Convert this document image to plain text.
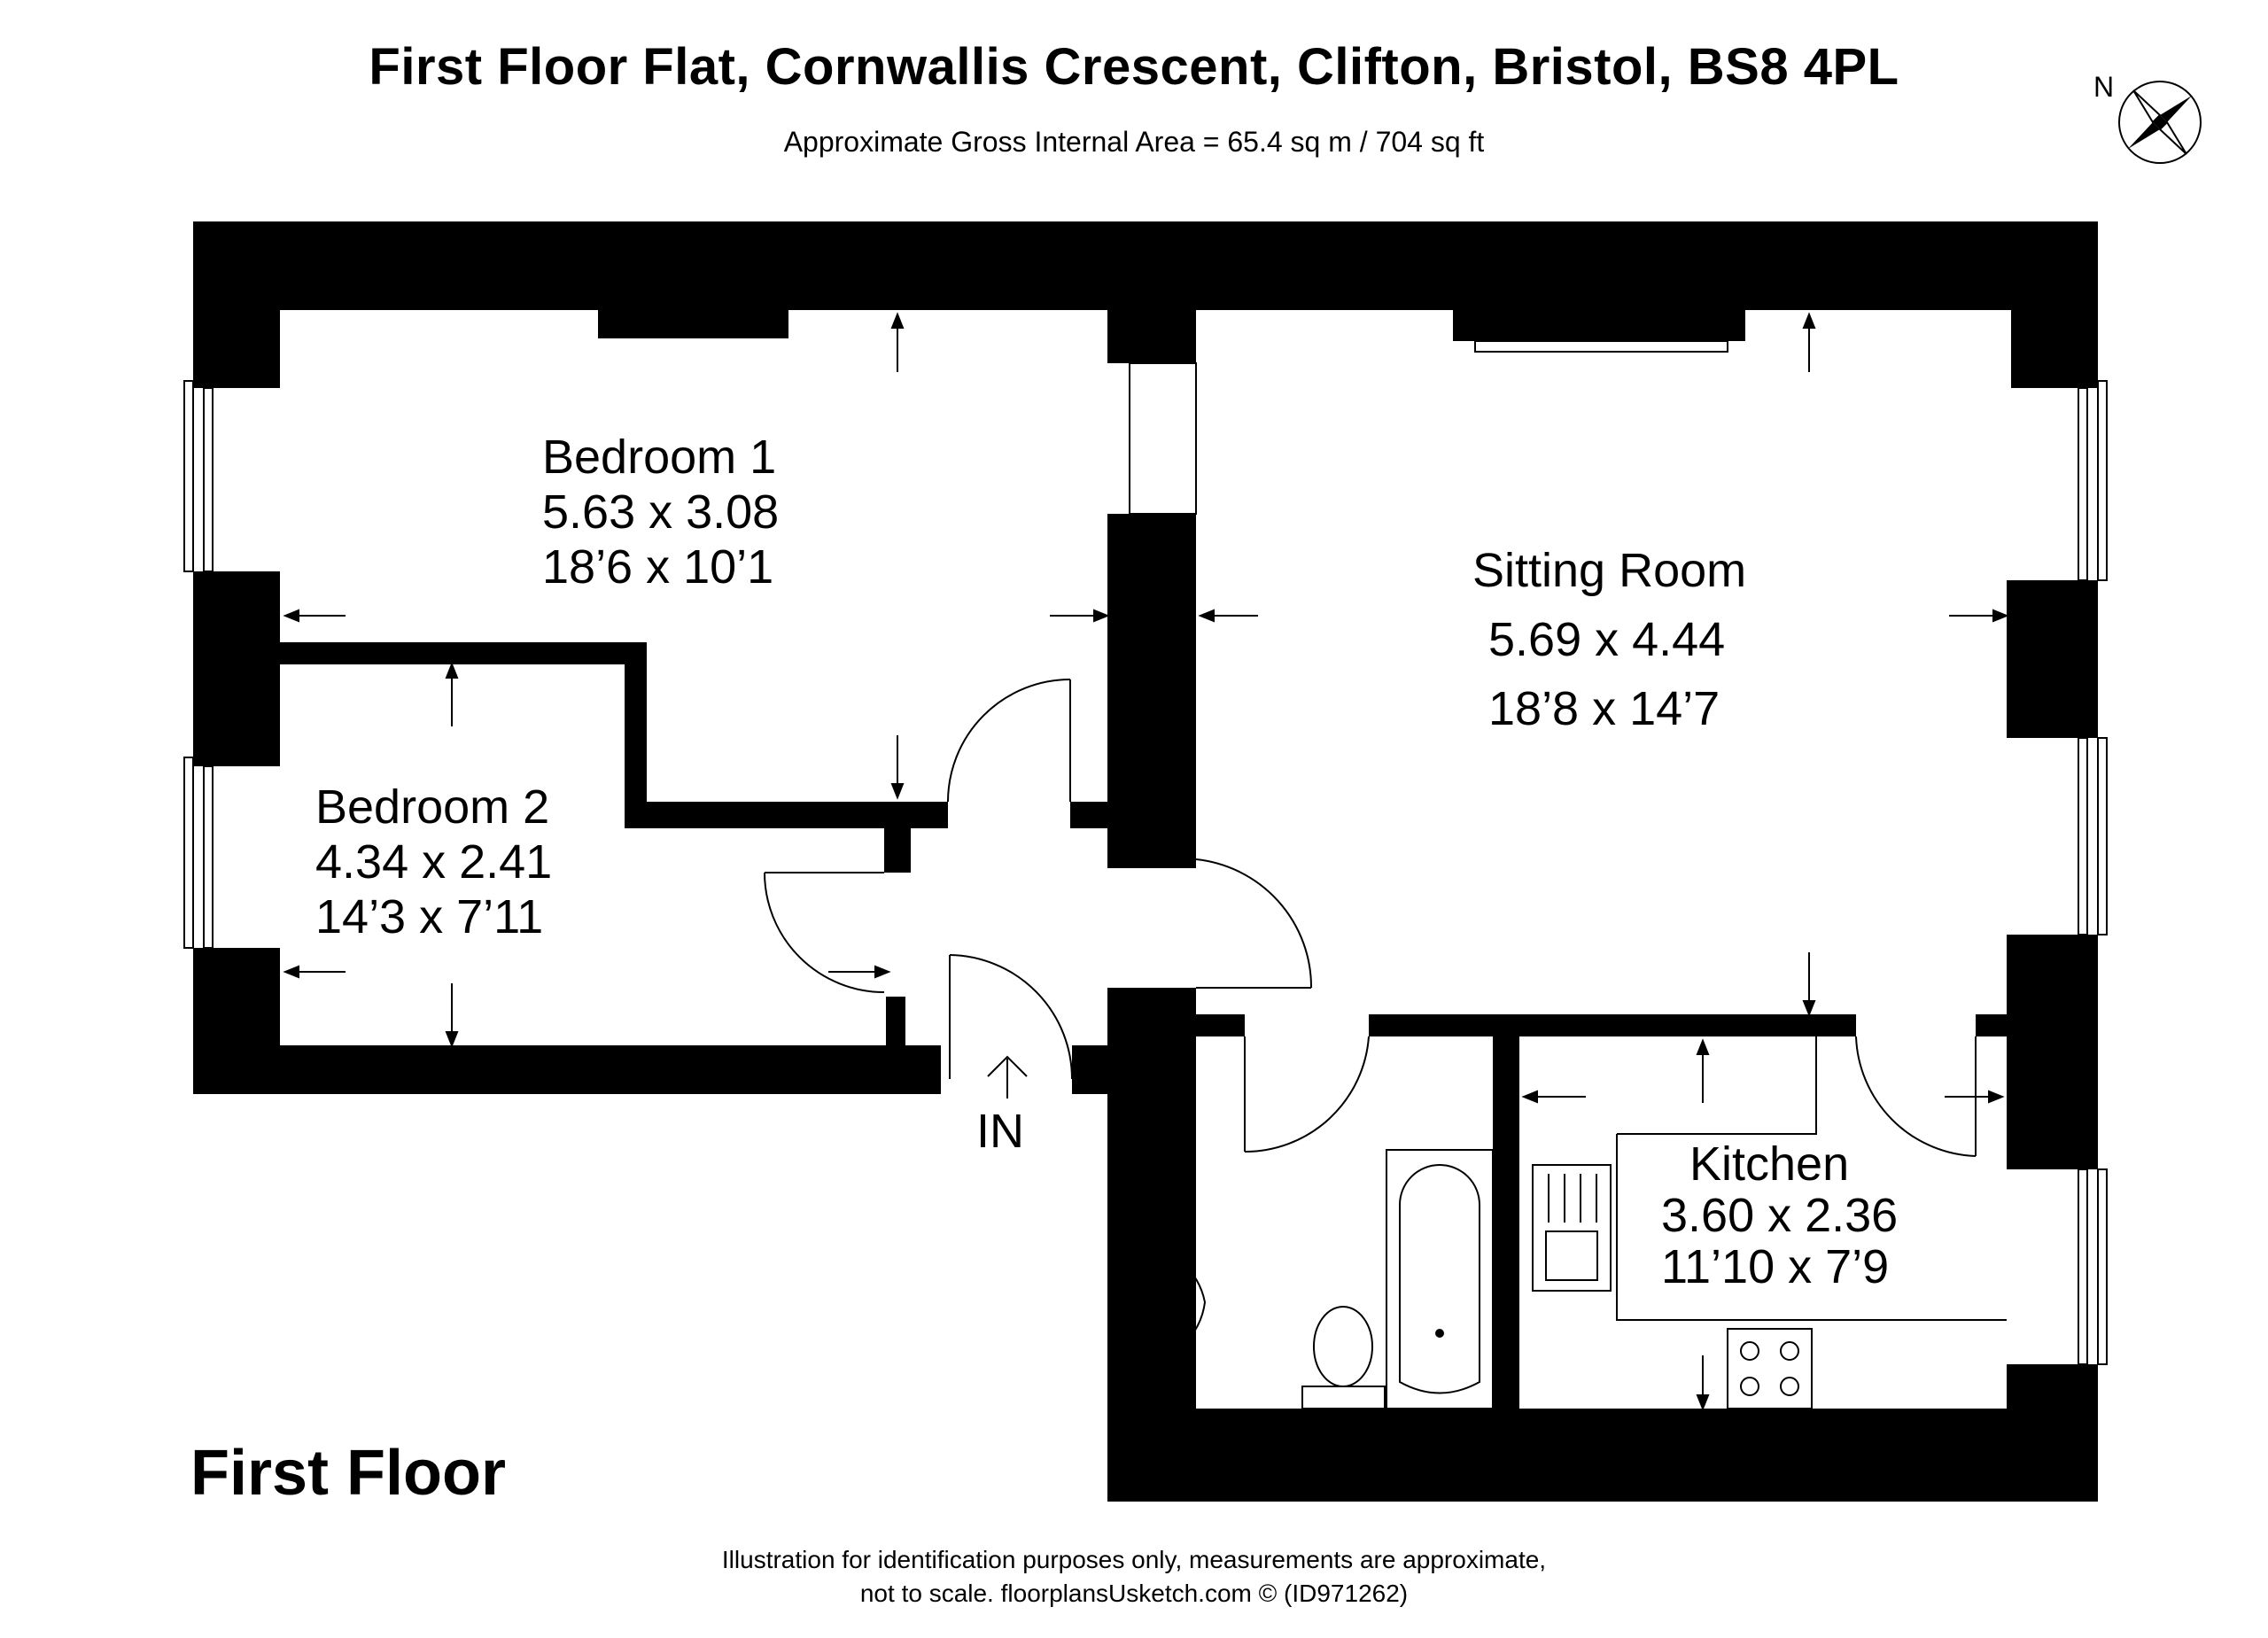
First Floor Flat, Cornwallis Crescent, Clifton, Bristol, BS8 4PL
Approximate Gross Internal Area = 65.4 sq m / 704 sq ft
N
Bedroom 1
5.63 x 3.08
18’6 x 10’1
Bedroom 2
4.34 x 2.41
14’3 x 7’11
Sitting Room
5.69 x 4.44
18’8 x 14’7
Kitchen
3.60 x 2.36
11’10 x 7’9
IN
First Floor
Illustration for identification purposes only, measurements are approximate,
not to scale. floorplansUsketch.com © (ID971262)
